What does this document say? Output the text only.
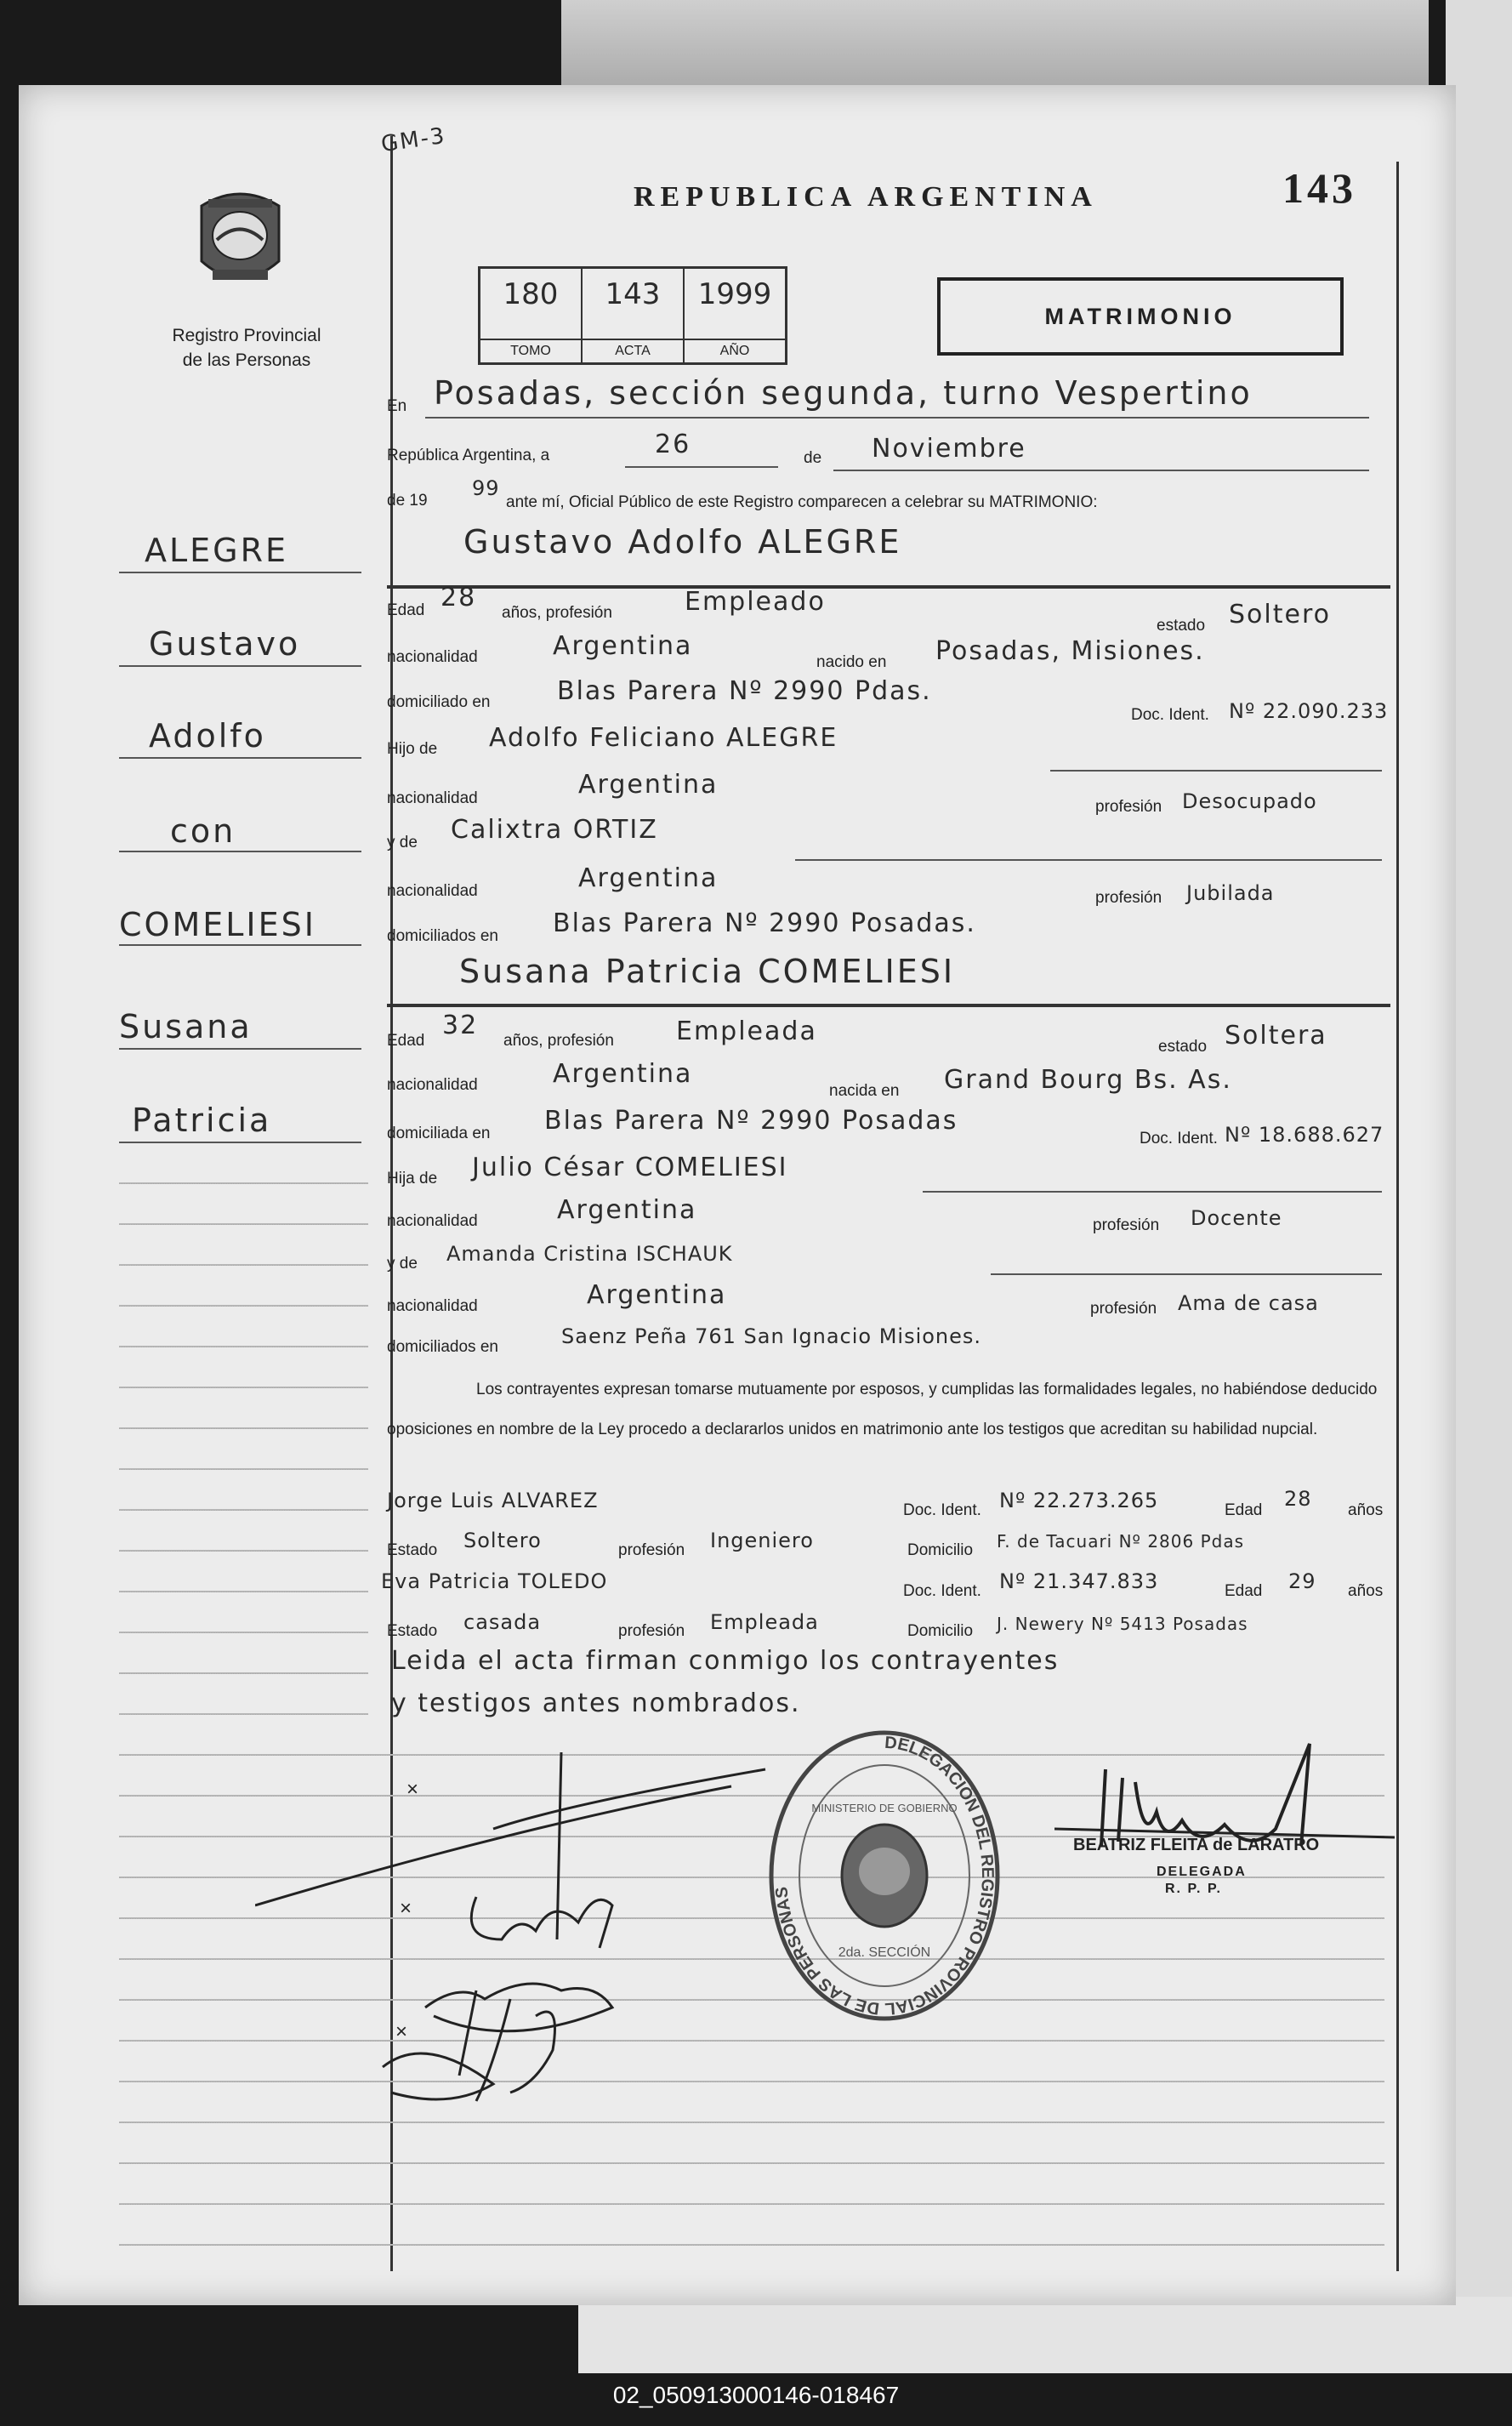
Registro Provincial
de las Personas
GM-3
REPUBLICA ARGENTINA	143
180
TOMO
143
ACTA
1999
AÑO
MATRIMONIO
ALEGRE
Gustavo
Adolfo
con
COMELIESI
Susana
Patricia
En Posadas, sección segunda, turno Vespertino
República Argentina, a	26	de Noviembre
de 19
99
ante mí, Oficial Público de este Registro comparecen a celebrar su MATRIMONIO:
Gustavo Adolfo ALEGRE
Edad 28
años, profesión	Empleado
estado Soltero
nacionalidad	Argentina
nacido en Posadas, Misiones.
domiciliado en	Blas Parera Nº 2990 Pdas.
Doc. Ident. Nº 22.090.233
Hijo de Adolfo Feliciano ALEGRE
nacionalidad	Argentina
profesión Desocupado
y de Calixtra ORTIZ
nacionalidad	Argentina
profesión Jubilada
domiciliados en Blas Parera Nº 2990 Posadas.
Susana Patricia COMELIESI
Edad
32
años, profesión Empleada
estado Soltera
nacionalidad	Argentina
nacida en Grand Bourg Bs. As.
domiciliada en Blas Parera Nº 2990 Posadas
Doc. Ident. Nº 18.688.627
Hija de Julio César COMELIESI
nacionalidad	Argentina
profesión Docente
y de Amanda Cristina ISCHAUK
nacionalidad	Argentina	profesión Ama de casa
domiciliados en	Saenz Peña 761 San Ignacio Misiones.
Los contrayentes expresan tomarse mutuamente por esposos, y cumplidas las formalidades legales, no habiéndose deducido oposiciones en nombre de la Ley procedo a declararlos unidos en matrimonio ante los testigos que acreditan su habilidad nupcial.
Jorge Luis ALVAREZ	Doc. Ident. Nº 22.273.265	Edad 28 años
Estado Soltero	profesión Ingeniero	Domicilio F. de Tacuari Nº 2806 Pdas
Eva Patricia TOLEDO	Doc. Ident. Nº 21.347.833	Edad 29 años
Estado casada	profesión Empleada	Domicilio J. Newery Nº 5413 Posadas
Leida el acta firman conmigo los contrayentes
y testigos antes nombrados.
×
×
×
BEATRIZ FLEITA de LARATRO
DELEGADA
R. P. P.
DELEGACIÓN DEL REGISTRO PROVINCIAL DE LAS PERSONAS
MINISTERIO DE GOBIERNO
2da. SECCIÓN
02_050913000146-018467
